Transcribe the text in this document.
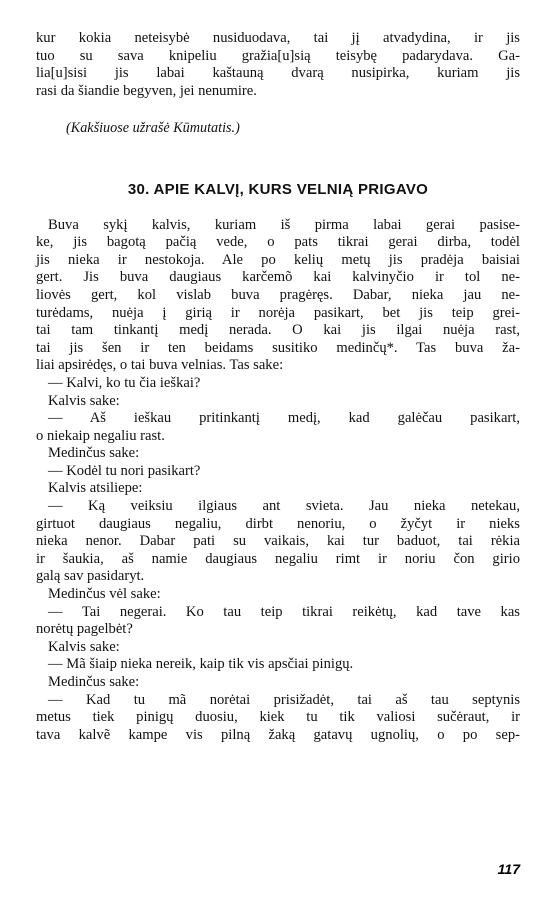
kur kokia neteisybė nusiduodava, tai jį atvadydina, ir jis

tuo su sava knipeliu gražia[u]sią teisybę padarydava. Ga-

lia[u]sisi jis labai kaštauną dvarą nusipirka, kuriam jis

rasi da šiandie begyven, jei nenumire.

(Kakšiuose užrašė Kūmutatis.)

30. APIE KALVĮ, KURS VELNIĄ PRIGAVO

Buva sykį kalvis, kuriam iš pirma labai gerai pasise-

ke, jis bagotą pačią vede, o pats tikrai gerai dirba, todėl

jis nieka ir nestokoja. Ale po kelių metų jis pradėja baisiai

gert. Jis buva daugiaus karčemõ kai kalvinyčio ir tol ne-

liovės gert, kol vislab buva pragėręs. Dabar, nieka jau ne-

turėdams, nuėja į girią ir norėja pasikart, bet jis teip grei-

tai tam tinkantį medį nerada. O kai jis ilgai nuėja rast,

tai jis šen ir ten beidams susitiko medinčų*. Tas buva ža-

liai apsirėdęs, o tai buva velnias. Tas sake:

— Kalvi, ko tu čia ieškai?

Kalvis sake:

— Aš ieškau pritinkantį medį, kad galėčau pasikart,

o niekaip negaliu rast.

Medinčus sake:

— Kodėl tu nori pasikart?

Kalvis atsiliepe:

— Ką veiksiu ilgiaus ant svieta. Jau nieka netekau,

girtuot daugiaus negaliu, dirbt nenoriu, o žyčyt ir nieks

nieka nenor. Dabar pati su vaikais, kai tur baduot, tai rėkia

ir šaukia, aš namie daugiaus negaliu rimt ir noriu čon girio

galą sav pasidaryt.

Medinčus vėl sake:

— Tai negerai. Ko tau teip tikrai reikėtų, kad tave kas

norėtų pagelbėt?

Kalvis sake:

— Mã šiaip nieka nereik, kaip tik vis apsčiai pinigų.

Medinčus sake:

— Kad tu mã norėtai prisižadėt, tai aš tau septynis

metus tiek pinigų duosiu, kiek tu tik valiosi sučėraut, ir

tava kalvẽ kampe vis pilną žaką gatavų ugnolių, o po sep-

117
